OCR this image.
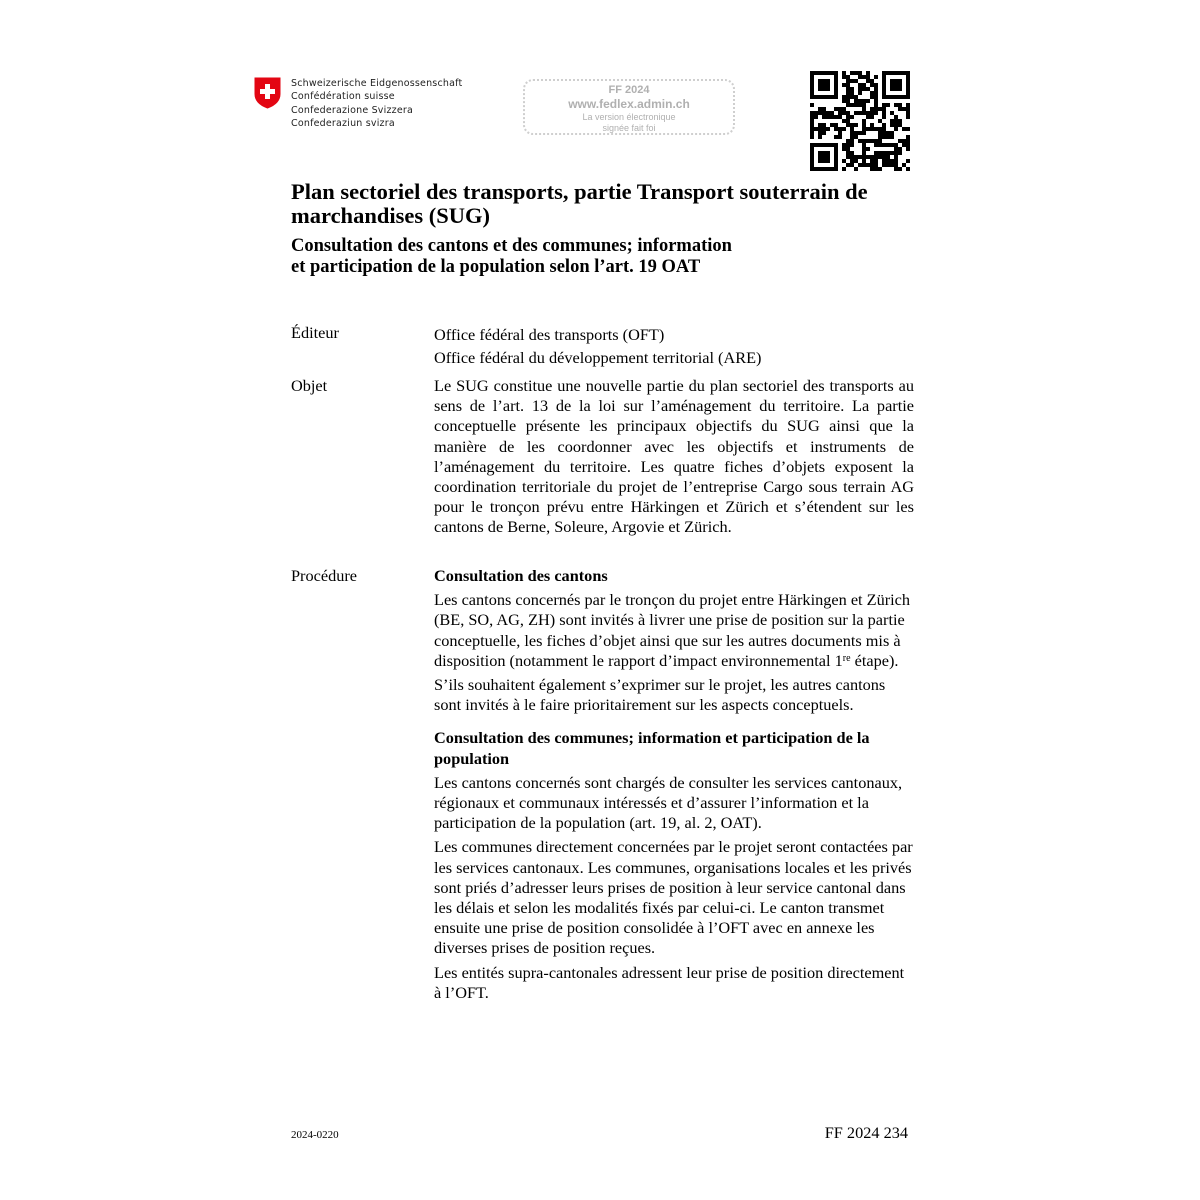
Schweizerische Eidgenossenschaft
Confédération suisse
Confederazione Svizzera
Confederaziun svizra
FF 2024
www.fedlex.admin.ch
La version électronique
signée fait foi
Plan sectoriel des transports, partie Transport souterrain de marchandises (SUG)
Consultation des cantons et des communes; information
et participation de la population selon l’art. 19 OAT
Éditeur	Office fédéral des transports (OFT)

Office fédéral du développement territorial (ARE)

Objet	Le SUG constitue une nouvelle partie du plan sectoriel des transports au sens de l’art. 13 de la loi sur l’aménagement du territoire. La partie conceptuelle présente les principaux objectifs du SUG ainsi que la manière de les coordonner avec les objectifs et instruments de l’aménagement du territoire. Les quatre fiches d’objets exposent la coordination territoriale du projet de l’entreprise Cargo sous terrain AG pour le tronçon prévu entre Härkingen et Zürich et s’étendent sur les cantons de Berne, Soleure, Argovie et Zürich.

Procédure	Consultation des cantons

Les cantons concernés par le tronçon du projet entre Härkingen et Zürich (BE, SO, AG, ZH) sont invités à livrer une prise de position sur la partie conceptuelle, les fiches d’objet ainsi que sur les autres documents mis à disposition (notamment le rapport d’impact environnemental 1re étape).

S’ils souhaitent également s’exprimer sur le projet, les autres cantons sont invités à le faire prioritairement sur les aspects conceptuels.

Consultation des communes; information et participation de la population

Les cantons concernés sont chargés de consulter les services cantonaux, régionaux et communaux intéressés et d’assurer l’information et la participation de la population (art. 19, al. 2, OAT).

Les communes directement concernées par le projet seront contactées par les services cantonaux. Les communes, organisations locales et les privés sont priés d’adresser leurs prises de position à leur service cantonal dans les délais et selon les modalités fixés par celui-ci. Le canton transmet ensuite une prise de position consolidée à l’OFT avec en annexe les diverses prises de position reçues.

Les entités supra-cantonales adressent leur prise de position directement à l’OFT.

2024-0220	FF 2024 234
